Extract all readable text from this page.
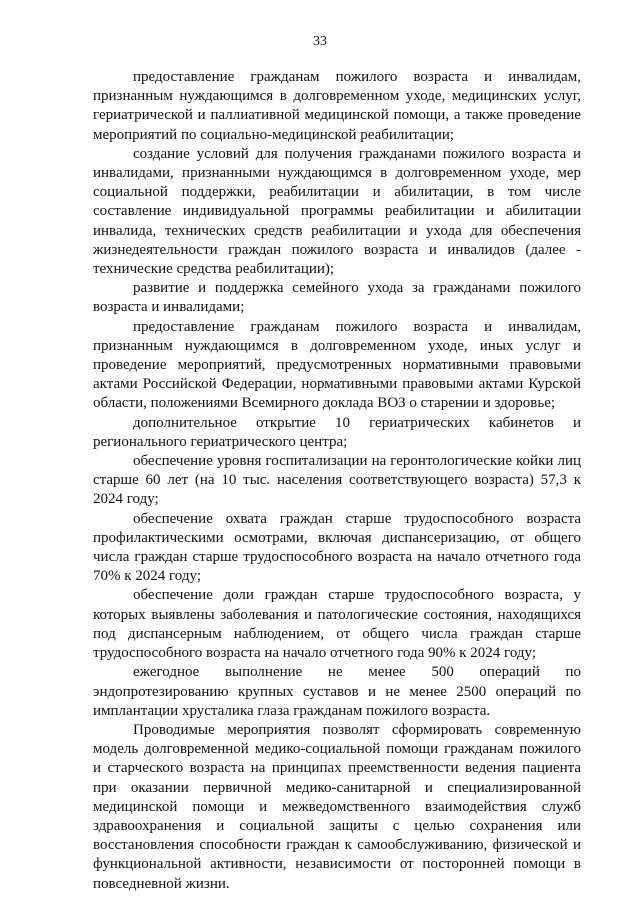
33

предоставление гражданам пожилого возраста и инвалидам, признанным нуждающимся в долговременном уходе, медицинских услуг, гериатрической и паллиативной медицинской помощи, а также проведение мероприятий по социально-медицинской реабилитации;

создание условий для получения гражданами пожилого возраста и инвалидами, признанными нуждающимся в долговременном уходе, мер социальной поддержки, реабилитации и абилитации, в том числе составление индивидуальной программы реабилитации и абилитации инвалида, технических средств реабилитации и ухода для обеспечения жизнедеятельности граждан пожилого возраста и инвалидов (далее - технические средства реабилитации);

развитие и поддержка семейного ухода за гражданами пожилого возраста и инвалидами;

предоставление гражданам пожилого возраста и инвалидам, признанным нуждающимся в долговременном уходе, иных услуг и проведение мероприятий, предусмотренных нормативными правовыми актами Российской Федерации, нормативными правовыми актами Курской области, положениями Всемирного доклада ВОЗ о старении и здоровье;

дополнительное открытие 10 гериатрических кабинетов и регионального гериатрического центра;

обеспечение уровня госпитализации на геронтологические койки лиц старше 60 лет (на 10 тыс. населения соответствующего возраста) 57,3 к 2024 году;

обеспечение охвата граждан старше трудоспособного возраста профилактическими осмотрами, включая диспансеризацию, от общего числа граждан старше трудоспособного возраста на начало отчетного года 70% к 2024 году;

обеспечение доли граждан старше трудоспособного возраста, у которых выявлены заболевания и патологические состояния, находящихся под диспансерным наблюдением, от общего числа граждан старше трудоспособного возраста на начало отчетного года 90% к 2024 году;

ежегодное выполнение не менее 500 операций по эндопротезированию крупных суставов и не менее 2500 операций по имплантации хрусталика глаза гражданам пожилого возраста.

Проводимые мероприятия позволят сформировать современную модель долговременной медико-социальной помощи гражданам пожилого и старческого возраста на принципах преемственности ведения пациента при оказании первичной медико-санитарной и специализированной медицинской помощи и межведомственного взаимодействия служб здравоохранения и социальной защиты с целью сохранения или восстановления способности граждан к самообслуживанию, физической и функциональной активности, независимости от посторонней помощи в повседневной жизни.
